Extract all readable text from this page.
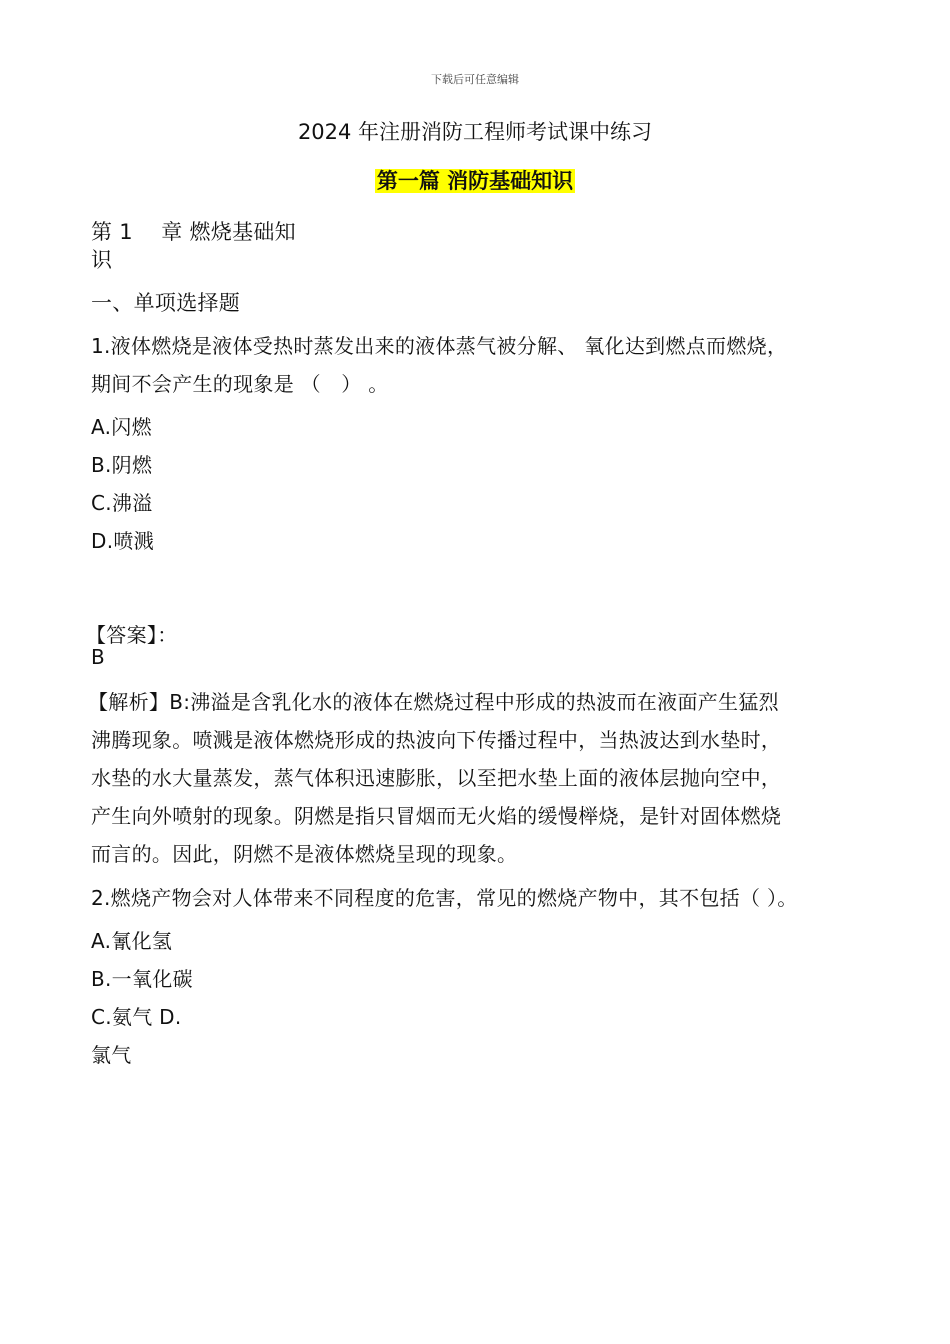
下载后可任意编辑
2024 年注册消防工程师考试课中练习
第一篇 消防基础知识
第 1　 章 燃烧基础知
识
一、单项选择题
1.液体燃烧是液体受热时蒸发出来的液体蒸气被分解、 氧化达到燃点而燃烧，
期间不会产生的现象是 （　） 。
A.闪燃
B.阴燃
C.沸溢
D.喷溅
【答案】：
B
【解析】B:沸溢是含乳化水的液体在燃烧过程中形成的热波而在液面产生猛烈
沸腾现象。喷溅是液体燃烧形成的热波向下传播过程中，当热波达到水垫时，
水垫的水大量蒸发，蒸气体积迅速膨胀，以至把水垫上面的液体层抛向空中，
产生向外喷射的现象。阴燃是指只冒烟而无火焰的缓慢榉烧，是针对固体燃烧
而言的。因此，阴燃不是液体燃烧呈现的现象。
2.燃烧产物会对人体带来不同程度的危害，常见的燃烧产物中，其不包括（ ）。
A.氰化氢
B.一氧化碳
C.氨气 D.
氯气
